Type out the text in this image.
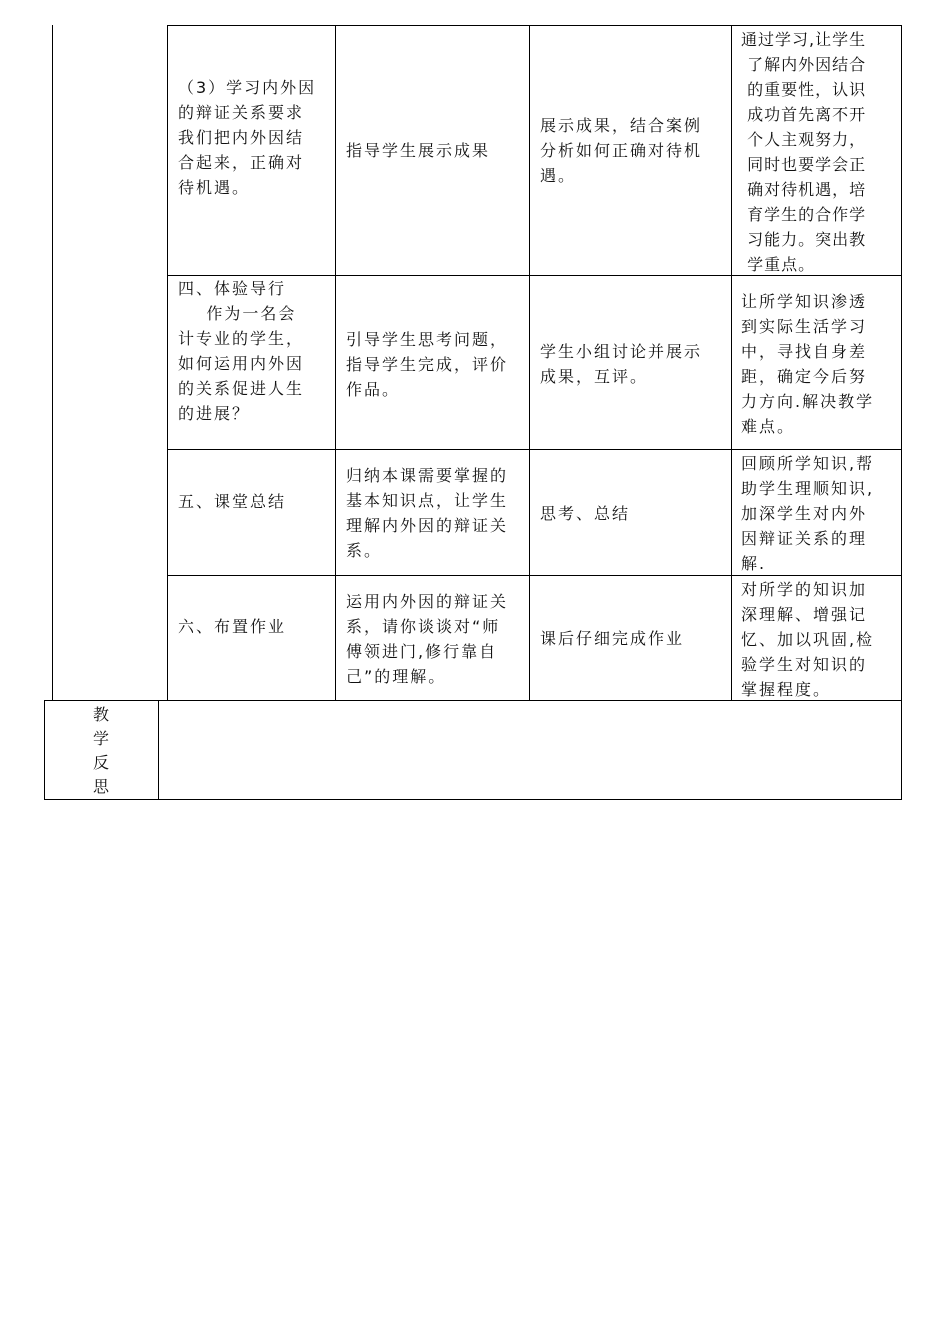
（3）学习内外因
的辩证关系要求
我们把内外因结
合起来，正确对
待机遇。
指导学生展示成果
展示成果，结合案例
分析如何正确对待机
遇。
通过学习,让学生
了解内外因结合
的重要性，认识
成功首先离不开
个人主观努力，
同时也要学会正
确对待机遇，培
育学生的合作学
习能力。突出教
学重点。
四、体验导行
作为一名会
计专业的学生，
如何运用内外因
的关系促进人生
的进展？
引导学生思考问题，
指导学生完成，评价
作品。
学生小组讨论并展示
成果，互评。
让所学知识渗透
到实际生活学习
中，寻找自身差
距，确定今后努
力方向.解决教学
难点。
五、课堂总结
归纳本课需要掌握的
基本知识点，让学生
理解内外因的辩证关
系。
思考、总结
回顾所学知识,帮
助学生理顺知识,
加深学生对内外
因辩证关系的理
解.
六、布置作业
运用内外因的辩证关
系，请你谈谈对“师
傅领进门,修行靠自
己”的理解。
课后仔细完成作业
对所学的知识加
深理解、增强记
忆、加以巩固,检
验学生对知识的
掌握程度。
教
学
反
思
